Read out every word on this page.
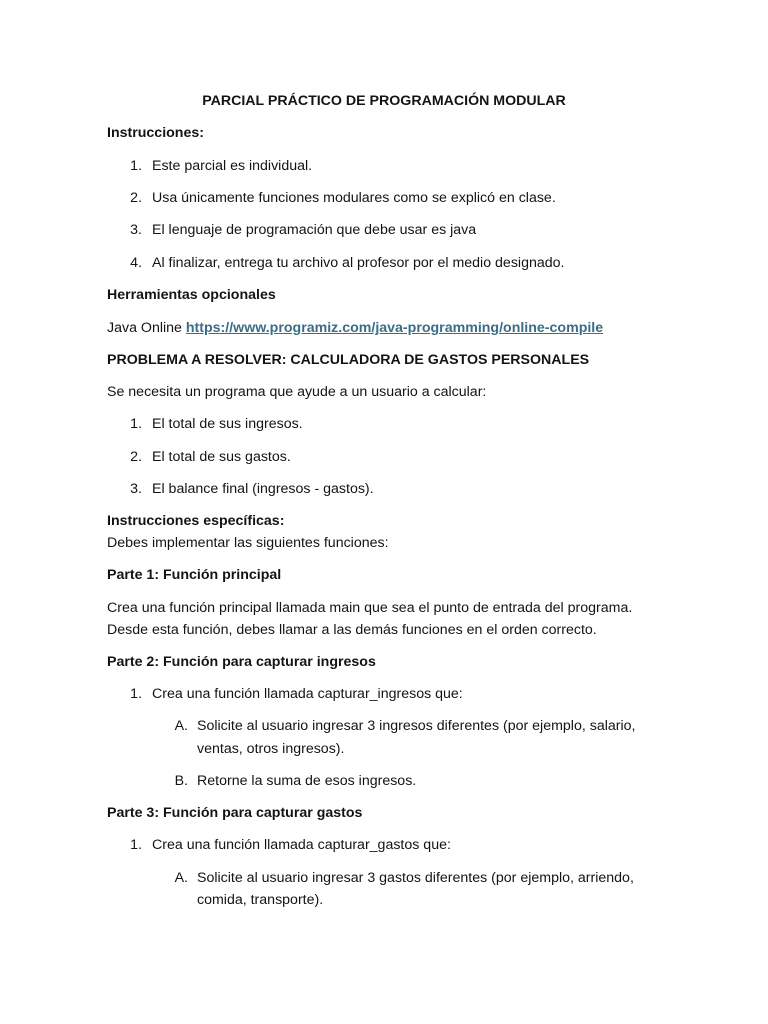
PARCIAL PRÁCTICO DE PROGRAMACIÓN MODULAR
Instrucciones:
1. Este parcial es individual.
2. Usa únicamente funciones modulares como se explicó en clase.
3. El lenguaje de programación que debe usar es java
4. Al finalizar, entrega tu archivo al profesor por el medio designado.
Herramientas opcionales
Java Online https://www.programiz.com/java-programming/online-compile
PROBLEMA A RESOLVER: CALCULADORA DE GASTOS PERSONALES
Se necesita un programa que ayude a un usuario a calcular:
1. El total de sus ingresos.
2. El total de sus gastos.
3. El balance final (ingresos - gastos).
Instrucciones específicas:
Debes implementar las siguientes funciones:
Parte 1: Función principal
Crea una función principal llamada main que sea el punto de entrada del programa.
Desde esta función, debes llamar a las demás funciones en el orden correcto.
Parte 2: Función para capturar ingresos
1. Crea una función llamada capturar_ingresos que:
A. Solicite al usuario ingresar 3 ingresos diferentes (por ejemplo, salario,
ventas, otros ingresos).
B. Retorne la suma de esos ingresos.
Parte 3: Función para capturar gastos
1. Crea una función llamada capturar_gastos que:
A. Solicite al usuario ingresar 3 gastos diferentes (por ejemplo, arriendo,
comida, transporte).
